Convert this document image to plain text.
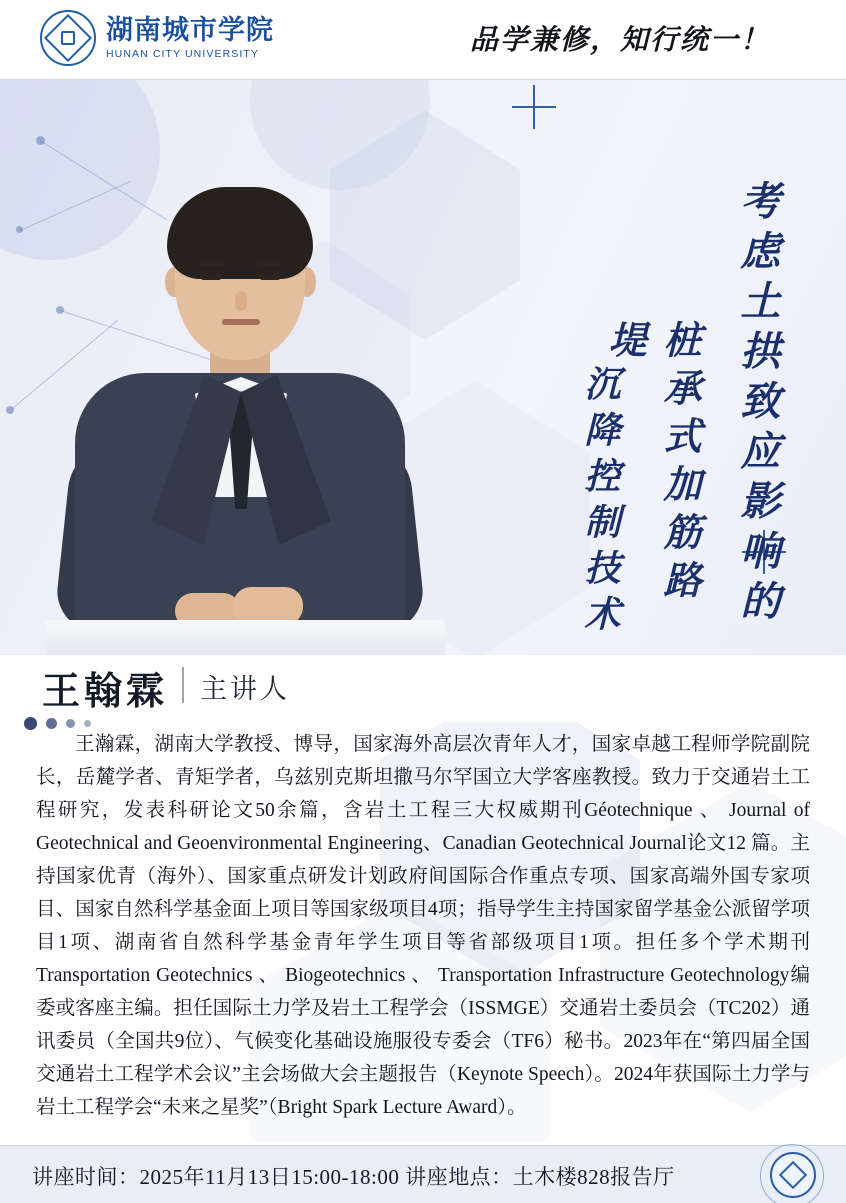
湖南城市学院
HUNAN CITY UNIVERSITY	品学兼修，知行统一！
考虑土拱致应影响的
桩承式加筋路堤
沉降控制技术
王翰霖 主讲人
王瀚霖，湖南大学教授、博导，国家海外高层次青年人才，国家卓越工程师学院副院长，岳麓学者、青矩学者，乌兹别克斯坦撒马尔罕国立大学客座教授。致力于交通岩土工程研究，发表科研论文50余篇，含岩土工程三大权威期刊Géotechnique 、 Journal of Geotechnical and Geoenvironmental Engineering、Canadian Geotechnical Journal论文12 篇。主持国家优青（海外）、国家重点研发计划政府间国际合作重点专项、国家高端外国专家项目、国家自然科学基金面上项目等国家级项目4项；指导学生主持国家留学基金公派留学项目1项、湖南省自然科学基金青年学生项目等省部级项目1项。担任多个学术期刊Transportation Geotechnics 、 Biogeotechnics 、 Transportation Infrastructure Geotechnology编委或客座主编。担任国际土力学及岩土工程学会（ISSMGE）交通岩土委员会（TC202）通讯委员（全国共9位）、气候变化基础设施服役专委会（TF6）秘书。2023年在“第四届全国交通岩土工程学术会议”主会场做大会主题报告（Keynote Speech）。2024年获国际土力学与岩土工程学会“未来之星奖”（Bright Spark Lecture Award）。
讲座时间：2025年11月13日15:00-18:00 讲座地点：土木楼828报告厅
